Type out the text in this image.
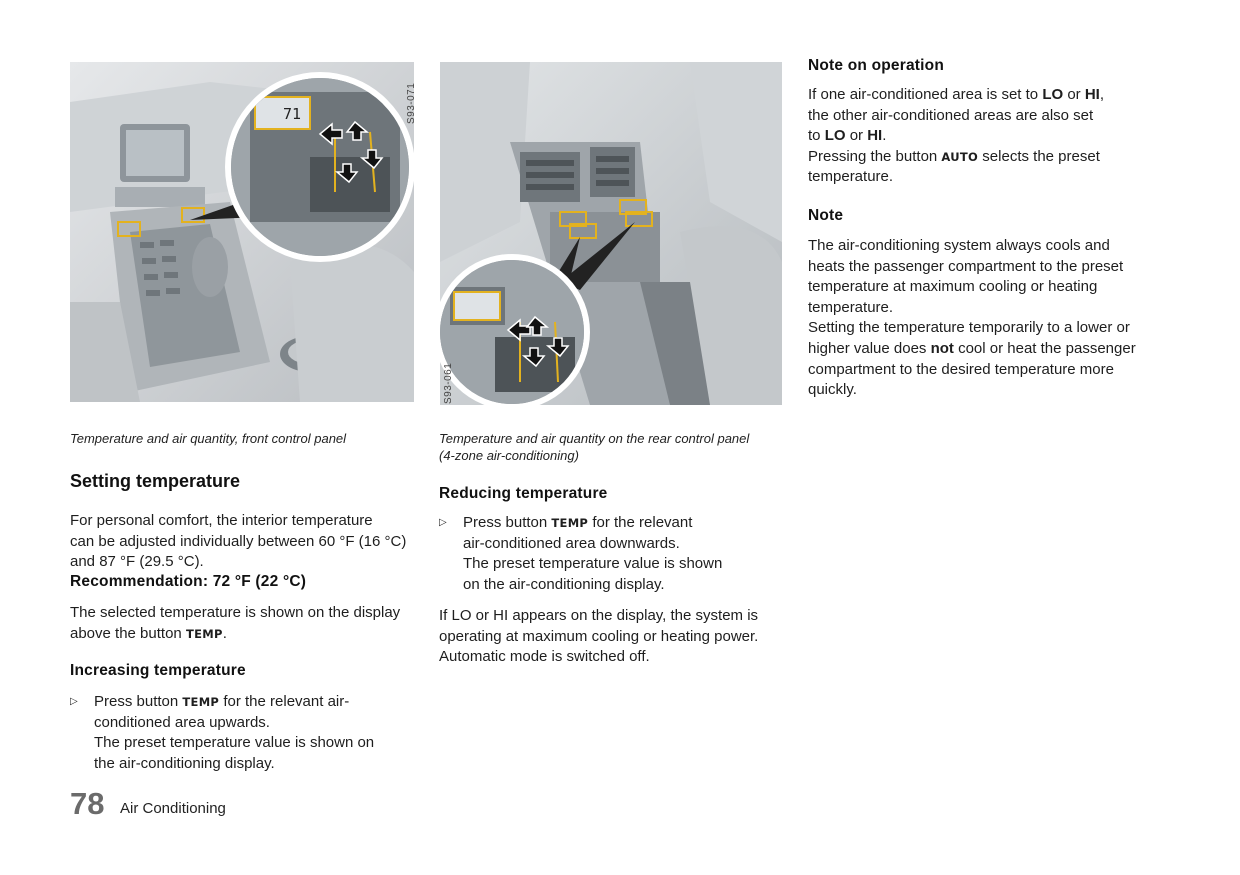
71	S93-071
S93-061
Temperature and air quantity, front control panel	Temperature and air quantity on the rear control panel
(4-zone air-conditioning)
Setting temperature
For personal comfort, the interior temperature
can be adjusted individually between 60 °F (16 °C)
and 87 °F (29.5 °C).
Recommendation: 72 °F (22 °C)
The selected temperature is shown on the display
above the button TEMP.
Increasing temperature
▷ Press button TEMP for the relevant air-
conditioned area upwards.
The preset temperature value is shown on
the air-conditioning display.
Reducing temperature
▷ Press button TEMP for the relevant
air-conditioned area downwards.
The preset temperature value is shown
on the air-conditioning display.
If LO or HI appears on the display, the system is
operating at maximum cooling or heating power.
Automatic mode is switched off.
Note on operation
If one air-conditioned area is set to LO or HI,
the other air-conditioned areas are also set
to LO or HI.
Pressing the button AUTO selects the preset
temperature.
Note
The air-conditioning system always cools and
heats the passenger compartment to the preset
temperature at maximum cooling or heating
temperature.
Setting the temperature temporarily to a lower or
higher value does not cool or heat the passenger
compartment to the desired temperature more
quickly.
78 Air Conditioning
